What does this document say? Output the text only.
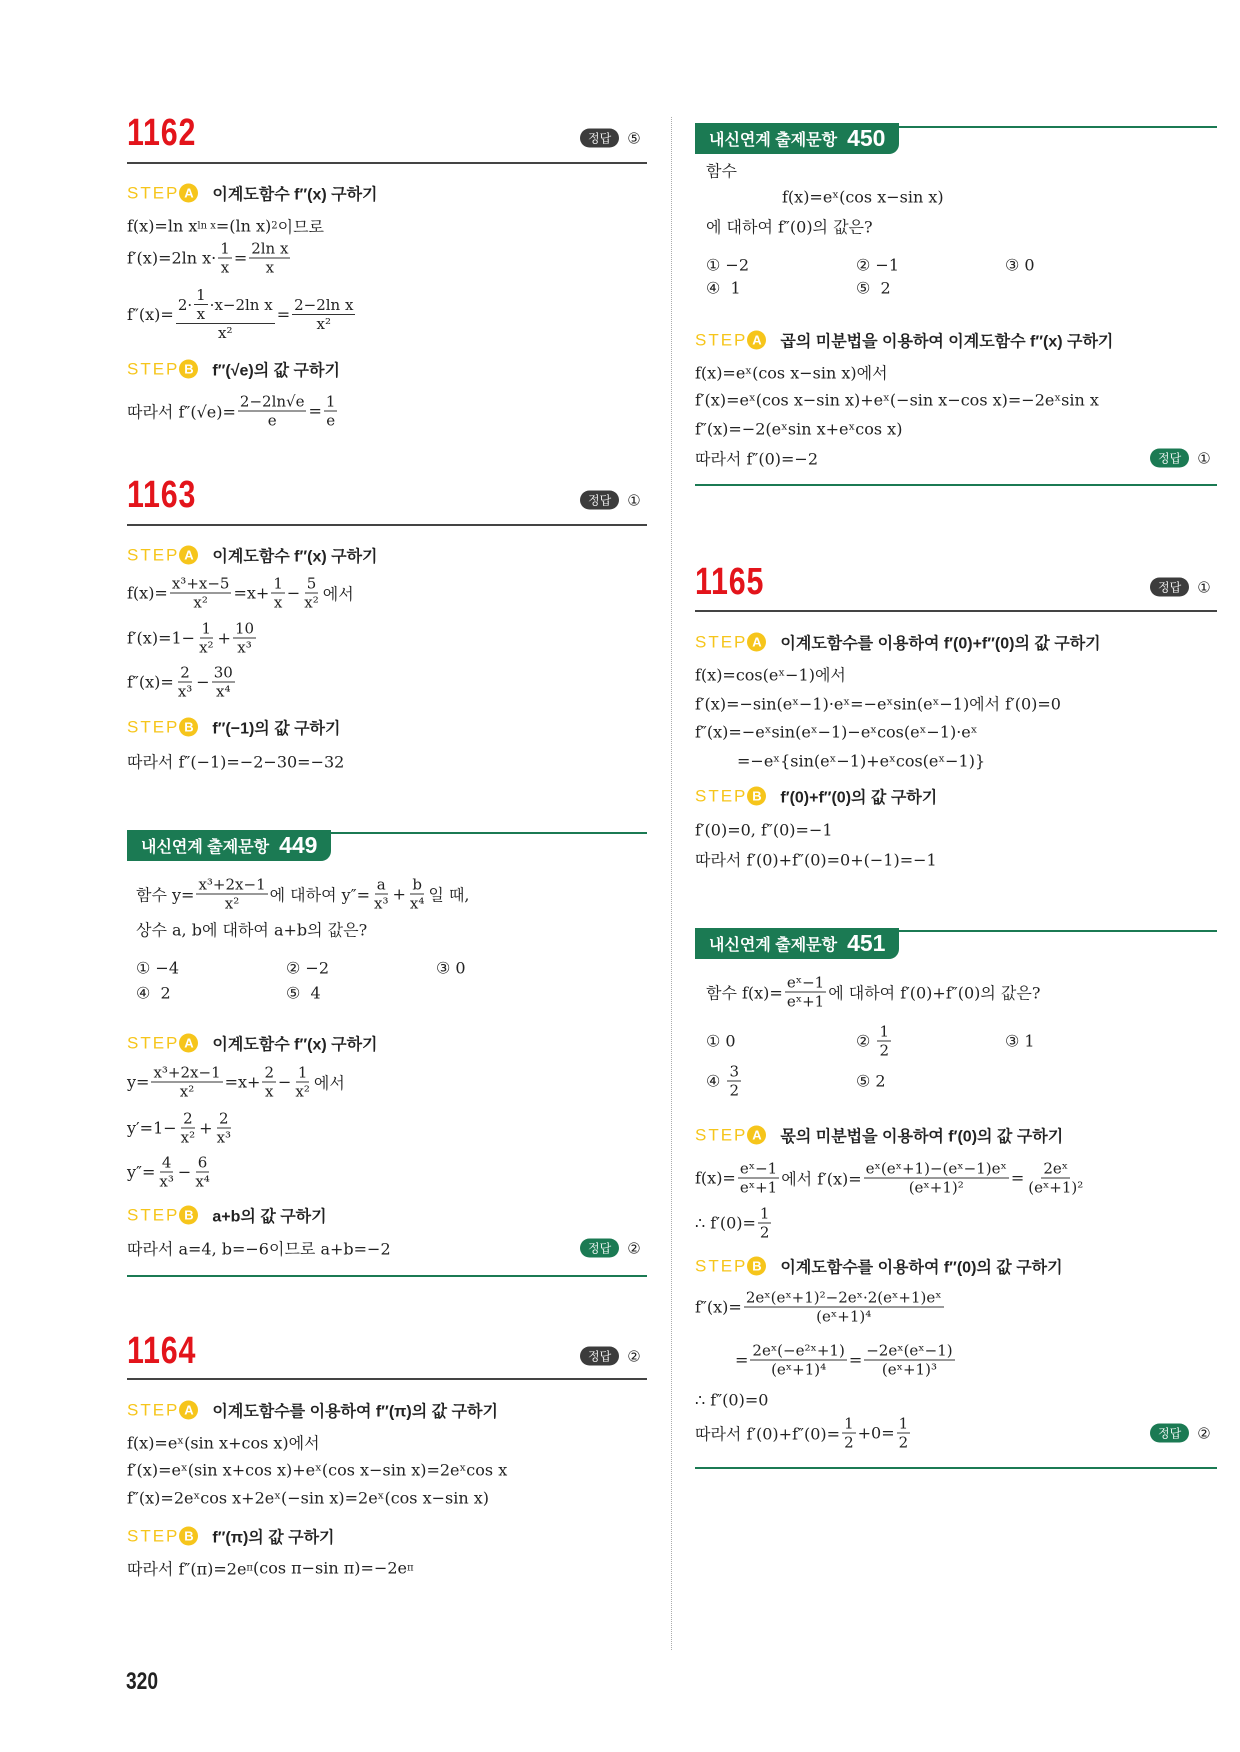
1162	정답	⑤
STEP A	이계도함수 f″(x) 구하기
f(x)=ln x ln x =(ln x) 2 이므로
f′(x)=2ln $x\cdot \frac{1}{x} = \frac{\text{2ln x}}{x}$
$f''(x)= \frac{2\cdot \frac{1}{x} \cdot x-2\ln x}{\text{x²}} = \frac{\text{2−2ln x}}{\text{x²}}$
STEP B	f″(√e)의 값 구하기
따라서 $f''(√e)= \frac{2-2\ln√e}{e} = \frac{1}{e}$
1163	정답	①
STEP A	이계도함수 f″(x) 구하기
$f(x)= \frac{\text{x³+x−5}}{\text{x²}} =x+ \frac{1}{x} - \frac{5}{\text{x²}}$ 에서
$f'(x)=1- \frac{1}{\text{x²}} + \frac{10}{\text{x³}}$
$f''(x)= \frac{2}{\text{x³}} - \frac{30}{\text{x⁴}}$
STEP B	f″(−1)의 값 구하기
따라서 f″(−1)=−2−30=−32
내신연계 출제문항 449
함수 $y= \frac{\text{x³+2x−1}}{\text{x²}}$ 에 대하여 $y''= \frac{a}{\text{x³}} + \frac{b}{\text{x⁴}}$ 일 때,
상수 a, b에 대하여 a+b의 값은?
① −4	② −2	③ 0
④  2	⑤  4
STEP A	이계도함수 f″(x) 구하기
$y= \frac{\text{x³+2x−1}}{\text{x²}} =x+ \frac{2}{x} - \frac{1}{\text{x²}}$ 에서
$y'=1- \frac{2}{\text{x²}} + \frac{2}{\text{x³}}$
$y''= \frac{4}{\text{x³}} - \frac{6}{\text{x⁴}}$
STEP B	a+b의 값 구하기
따라서 a=4, b=−6이므로 a+b=−2	정답	②
1164	정답	②
STEP A	이계도함수를 이용하여 f″(π)의 값 구하기
f(x)=eˣ(sin x+cos x)에서
f′(x)=eˣ(sin x+cos x)+eˣ(cos x−sin x)=2eˣcos x
f″(x)=2eˣcos x+2eˣ(−sin x)=2eˣ(cos x−sin x)
STEP B	f″(π)의 값 구하기
따라서 f″(π)=2e π (cos π−sin π)=−2e π
320
내신연계 출제문항 450
함수
f(x)=eˣ(cos x−sin x)
에 대하여 f″(0)의 값은?
① −2	② −1	③ 0
④  1	⑤  2
STEP A	곱의 미분법을 이용하여 이계도함수 f″(x) 구하기
f(x)=eˣ(cos x−sin x)에서
f′(x)=eˣ(cos x−sin x)+eˣ(−sin x−cos x)=−2eˣsin x
f″(x)=−2(eˣsin x+eˣcos x)
따라서 f″(0)=−2	정답	①
1165	정답	①
STEP A	이계도함수를 이용하여 f′(0)+f″(0)의 값 구하기
f(x)=cos(eˣ−1)에서
f′(x)=−sin(eˣ−1)·eˣ=−eˣsin(eˣ−1)에서 f′(0)=0
f″(x)=−eˣsin(eˣ−1)−eˣcos(eˣ−1)·eˣ
=−eˣ{sin(eˣ−1)+eˣcos(eˣ−1)}
STEP B	f′(0)+f″(0)의 값 구하기
f′(0)=0, f″(0)=−1
따라서 f′(0)+f″(0)=0+(−1)=−1
내신연계 출제문항 451
함수 $f(x)= \frac{\text{eˣ−1}}{\text{eˣ+1}}$ 에 대하여 f′(0)+f″(0)의 값은?
① 0	② $\frac{1}{2}$	③ 1
④ $\frac{3}{2}$	⑤ 2
STEP A	몫의 미분법을 이용하여 f′(0)의 값 구하기
$f(x)= \frac{\text{eˣ−1}}{\text{eˣ+1}}$ 에서 $f'(x)= \frac{\text{eˣ(eˣ+1)−(eˣ−1)eˣ}}{\text{(eˣ+1)²}} = \frac{\text{2eˣ}}{\text{(eˣ+1)²}}$
∴ $f'(0)= \frac{1}{2}$
STEP B	이계도함수를 이용하여 f″(0)의 값 구하기
$f''(x)= \frac{\text{2eˣ(eˣ+1)²−2eˣ·2(eˣ+1)eˣ}}{\text{(eˣ+1)⁴}}$
= $\frac{\text{2eˣ(−e²ˣ+1)}}{\text{(eˣ+1)⁴}} = \frac{\text{−2eˣ(eˣ−1)}}{\text{(eˣ+1)³}}$
∴ f″(0)=0
따라서 $f'(0)+f''(0)= \frac{1}{2} +0= \frac{1}{2}$	정답	②
